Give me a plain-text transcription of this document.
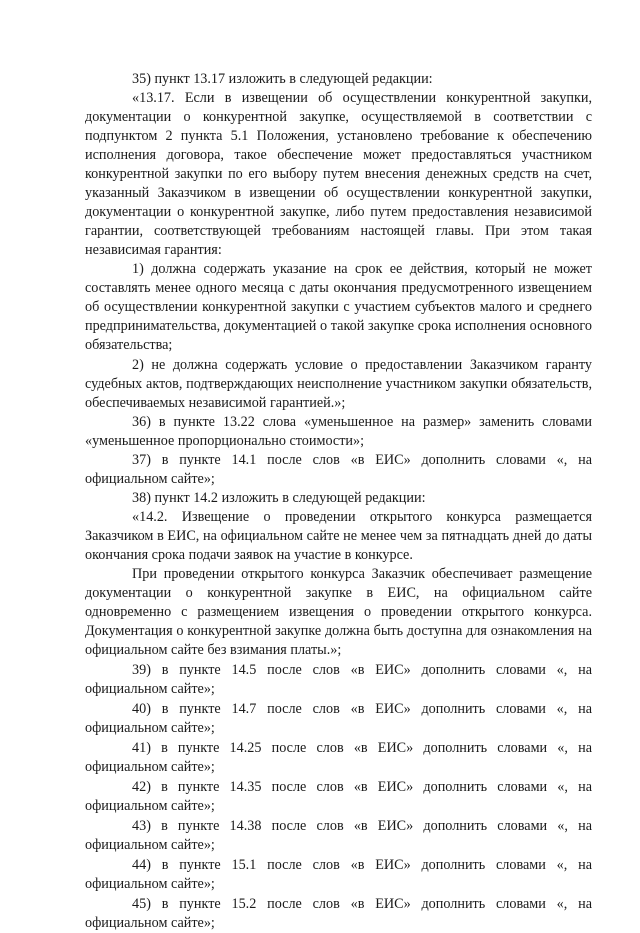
35) пункт 13.17 изложить в следующей редакции:

«13.17. Если в извещении об осуществлении конкурентной закупки, документации о конкурентной закупке, осуществляемой в соответствии с подпунктом 2 пункта 5.1 Положения, установлено требование к обеспечению исполнения договора, такое обеспечение может предоставляться участником конкурентной закупки по его выбору путем внесения денежных средств на счет, указанный Заказчиком в извещении об осуществлении конкурентной закупки, документации о конкурентной закупке, либо путем предоставления независимой гарантии, соответствующей требованиям настоящей главы. При этом такая независимая гарантия:

1) должна содержать указание на срок ее действия, который не может составлять менее одного месяца с даты окончания предусмотренного извещением об осуществлении конкурентной закупки с участием субъектов малого и среднего предпринимательства, документацией о такой закупке срока исполнения основного обязательства;

2) не должна содержать условие о предоставлении Заказчиком гаранту судебных актов, подтверждающих неисполнение участником закупки обязательств, обеспечиваемых независимой гарантией.»;

36) в пункте 13.22 слова «уменьшенное на размер» заменить словами «уменьшенное пропорционально стоимости»;

37) в пункте 14.1 после слов «в ЕИС» дополнить словами «, на официальном сайте»;

38) пункт 14.2 изложить в следующей редакции:

«14.2. Извещение о проведении открытого конкурса размещается Заказчиком в ЕИС, на официальном сайте не менее чем за пятнадцать дней до даты окончания срока подачи заявок на участие в конкурсе.

При проведении открытого конкурса Заказчик обеспечивает размещение документации о конкурентной закупке в ЕИС, на официальном сайте одновременно с размещением извещения о проведении открытого конкурса. Документация о конкурентной закупке должна быть доступна для ознакомления на официальном сайте без взимания платы.»;

39) в пункте 14.5 после слов «в ЕИС» дополнить словами «, на официальном сайте»;

40) в пункте 14.7 после слов «в ЕИС» дополнить словами «, на официальном сайте»;

41) в пункте 14.25 после слов «в ЕИС» дополнить словами «, на официальном сайте»;

42) в пункте 14.35 после слов «в ЕИС» дополнить словами «, на официальном сайте»;

43) в пункте 14.38 после слов «в ЕИС» дополнить словами «, на официальном сайте»;

44) в пункте 15.1 после слов «в ЕИС» дополнить словами «, на официальном сайте»;

45) в пункте 15.2 после слов «в ЕИС» дополнить словами «, на официальном сайте»;
